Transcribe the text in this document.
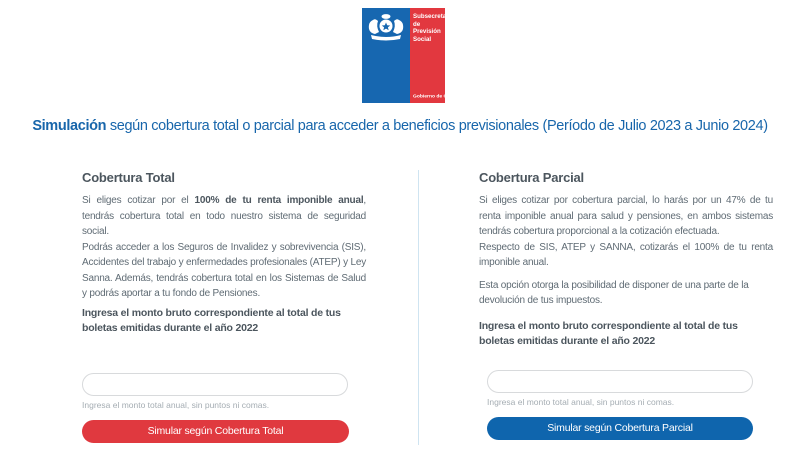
Subsecretaría
de Previsión
Social
Gobierno de Chile
Simulación según cobertura total o parcial para acceder a beneficios previsionales (Período de Julio 2023 a Junio 2024)
Cobertura Total

Si eliges cotizar por el 100% de tu renta imponible anual, tendrás cobertura total en todo nuestro sistema de seguridad social.

Podrás acceder a los Seguros de Invalidez y sobrevivencia (SIS), Accidentes del trabajo y enfermedades profesionales (ATEP) y Ley Sanna. Además, tendrás cobertura total en los Sistemas de Salud y podrás aportar a tu fondo de Pensiones.

Ingresa el monto bruto correspondiente al total de tus boletas emitidas durante el año 2022

Ingresa el monto total anual, sin puntos ni comas.

Simular según Cobertura Total
Cobertura Parcial

Si eliges cotizar por cobertura parcial, lo harás por un 47% de tu renta imponible anual para salud y pensiones, en ambos sistemas tendrás cobertura proporcional a la cotización efectuada.

Respecto de SIS, ATEP y SANNA, cotizarás el 100% de tu renta imponible anual.

Esta opción otorga la posibilidad de disponer de una parte de la devolución de tus impuestos.

Ingresa el monto bruto correspondiente al total de tus boletas emitidas durante el año 2022

Ingresa el monto total anual, sin puntos ni comas.

Simular según Cobertura Parcial
